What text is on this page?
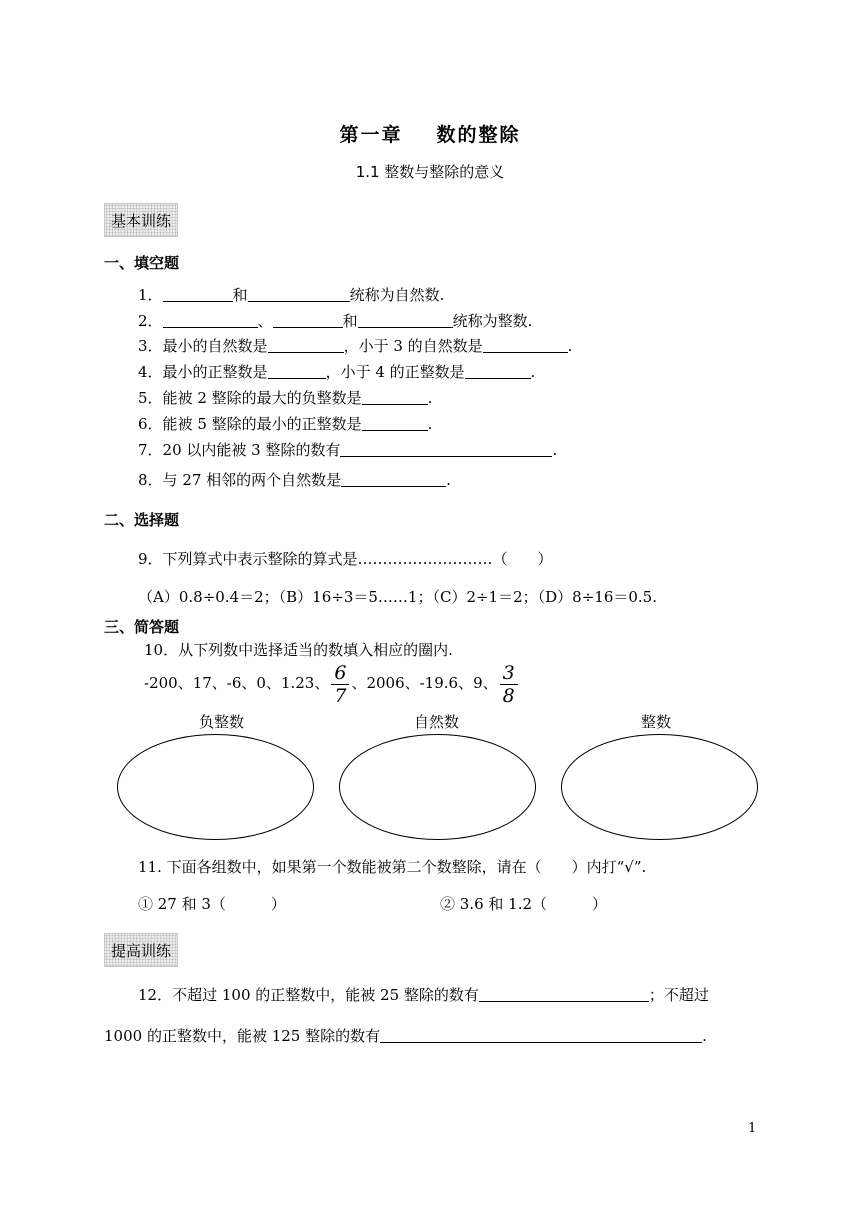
第一章 数的整除
1.1 整数与整除的意义
基本训练
一、填空题
1．	和	统称为自然数.
2．	、	和	统称为整数.
3．最小的自然数是	，小于 3 的自然数是	.
4．最小的正整数是	，小于 4 的正整数是	.
5．能被 2 整除的最大的负整数是	.
6．能被 5 整除的最小的正整数是	.
7．20 以内能被 3 整除的数有	.
8．与 27 相邻的两个自然数是	.
二、选择题
9．下列算式中表示整除的算式是………………………（　　）
（A）0.8÷0.4＝2；（B）16÷3＝5……1；（C）2÷1＝2；（D）8÷16＝0.5.
三、简答题
10．从下列数中选择适当的数填入相应的圈内.
-200、17、-6、0、1.23、 $\frac{6}{7}$ 、2006、-19.6、9、 $\frac{3}{8}$
负整数	自然数	整数
11. 下面各组数中，如果第一个数能被第二个数整除，请在（　　）内打“√”.
① 27 和 3（　　　）	② 3.6 和 1.2（　　　）
提高训练
12．不超过 100 的正整数中，能被 25 整除的数有	；不超过
1000 的正整数中，能被 125 整除的数有	.
1
